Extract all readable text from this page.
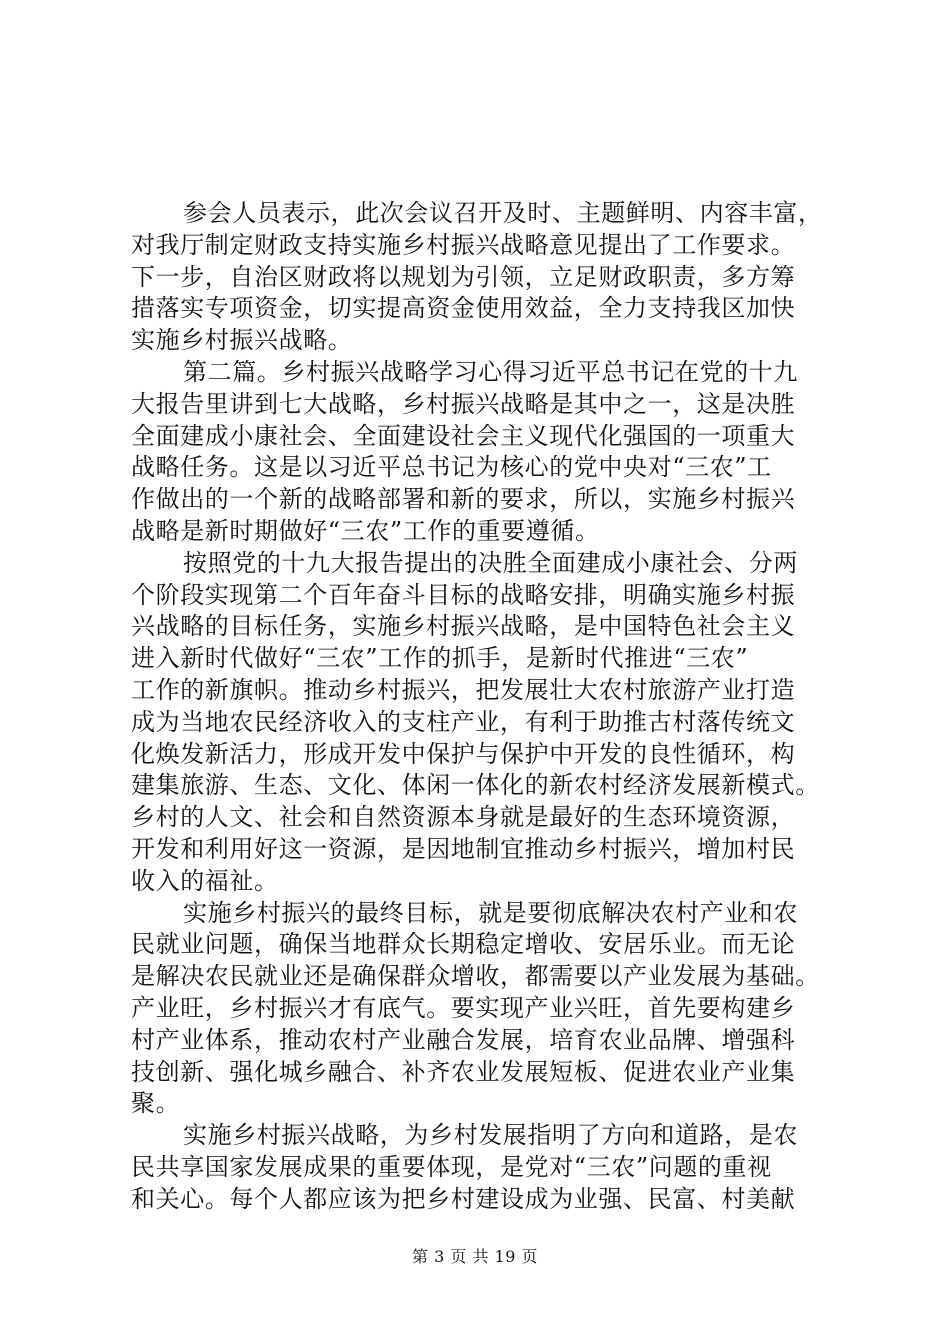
参会人员表示，此次会议召开及时、主题鲜明、内容丰富，
对我厅制定财政支持实施乡村振兴战略意见提出了工作要求。
下一步，自治区财政将以规划为引领，立足财政职责，多方筹
措落实专项资金，切实提高资金使用效益，全力支持我区加快
实施乡村振兴战略。
第二篇。乡村振兴战略学习心得习近平总书记在党的十九
大报告里讲到七大战略，乡村振兴战略是其中之一，这是决胜
全面建成小康社会、全面建设社会主义现代化强国的一项重大
战略任务。这是以习近平总书记为核心的党中央对“三农”工
作做出的一个新的战略部署和新的要求，所以，实施乡村振兴
战略是新时期做好“三农”工作的重要遵循。
按照党的十九大报告提出的决胜全面建成小康社会、分两
个阶段实现第二个百年奋斗目标的战略安排，明确实施乡村振
兴战略的目标任务，实施乡村振兴战略，是中国特色社会主义
进入新时代做好“三农”工作的抓手，是新时代推进“三农”
工作的新旗帜。推动乡村振兴，把发展壮大农村旅游产业打造
成为当地农民经济收入的支柱产业，有利于助推古村落传统文
化焕发新活力，形成开发中保护与保护中开发的良性循环，构
建集旅游、生态、文化、体闲一体化的新农村经济发展新模式。
乡村的人文、社会和自然资源本身就是最好的生态环境资源，
开发和利用好这一资源，是因地制宜推动乡村振兴，增加村民
收入的福祉。
实施乡村振兴的最终目标，就是要彻底解决农村产业和农
民就业问题，确保当地群众长期稳定增收、安居乐业。而无论
是解决农民就业还是确保群众增收，都需要以产业发展为基础。
产业旺，乡村振兴才有底气。要实现产业兴旺，首先要构建乡
村产业体系，推动农村产业融合发展，培育农业品牌、增强科
技创新、强化城乡融合、补齐农业发展短板、促进农业产业集
聚。
实施乡村振兴战略，为乡村发展指明了方向和道路，是农
民共享国家发展成果的重要体现，是党对“三农”问题的重视
和关心。每个人都应该为把乡村建设成为业强、民富、村美献
第 3 页 共 19 页
